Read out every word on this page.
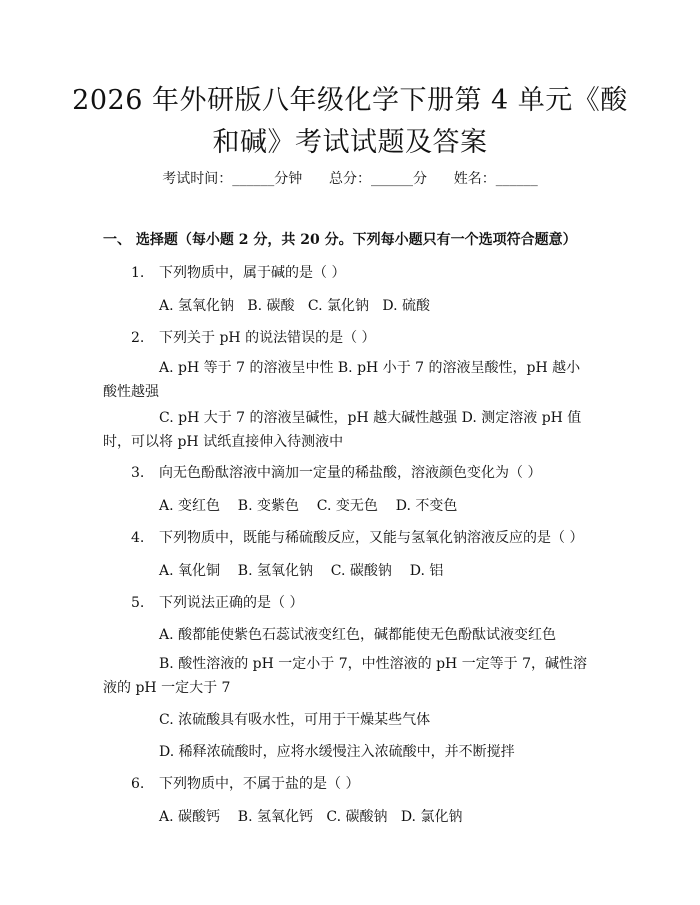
2026 年外研版八年级化学下册第 4 单元《酸
和碱》考试试题及答案
考试时间：______分钟 总分：______分 姓名：______
一、 选择题（每小题 2 分，共 20 分。下列每小题只有一个选项符合题意）
1. 下列物质中，属于碱的是（ ）
A. 氢氧化钠   B. 碳酸   C. 氯化钠   D. 硫酸
2. 下列关于 pH 的说法错误的是（ ）
A. pH 等于 7 的溶液呈中性 B. pH 小于 7 的溶液呈酸性，pH 越小酸性越强
C. pH 大于 7 的溶液呈碱性，pH 越大碱性越强 D. 测定溶液 pH 值时，可以将 pH 试纸直接伸入待测液中
3. 向无色酚酞溶液中滴加一定量的稀盐酸，溶液颜色变化为（ ）
A. 变红色    B. 变紫色    C. 变无色    D. 不变色
4. 下列物质中，既能与稀硫酸反应，又能与氢氧化钠溶液反应的是（ ）
A. 氧化铜    B. 氢氧化钠    C. 碳酸钠    D. 铝
5. 下列说法正确的是（ ）
A. 酸都能使紫色石蕊试液变红色，碱都能使无色酚酞试液变红色
B. 酸性溶液的 pH 一定小于 7，中性溶液的 pH 一定等于 7，碱性溶液的 pH 一定大于 7
C. 浓硫酸具有吸水性，可用于干燥某些气体
D. 稀释浓硫酸时，应将水缓慢注入浓硫酸中，并不断搅拌
6. 下列物质中，不属于盐的是（ ）
A. 碳酸钙    B. 氢氧化钙   C. 碳酸钠   D. 氯化钠
